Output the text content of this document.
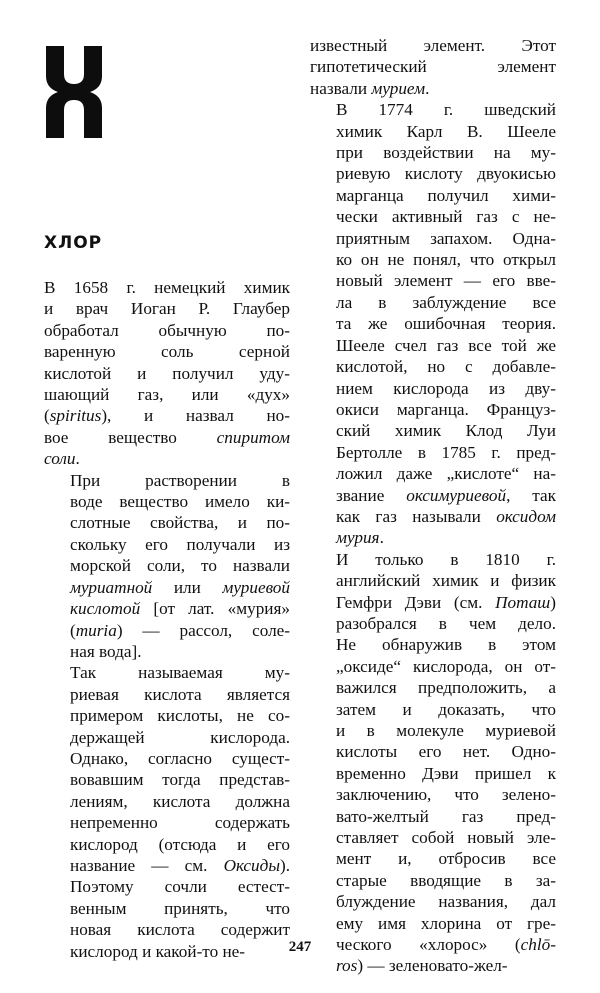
ХЛОР

В 1658 г. немецкий химик
и врач Иоган Р. Глаубер
обработал обычную по-
варенную соль серной
кислотой и получил уду-
шающий газ, или «дух»
(spiritus), и назвал но-
вое вещество спиритом
соли.

При растворении в
воде вещество имело ки-
слотные свойства, и по-
скольку его получали из
морской соли, то назвали
муриатной или муриевой
кислотой [от лат. «мурия»
(muria) — рассол, соле-
ная вода].

Так называемая му-
риевая кислота является
примером кислоты, не со-
держащей кислорода.
Однако, согласно сущест-
вовавшим тогда представ-
лениям, кислота должна
непременно содержать
кислород (отсюда и его
название — см. Оксиды).
Поэтому сочли естест-
венным принять, что
новая кислота содержит
кислород и какой-то не-

известный элемент. Этот
гипотетический элемент
назвали мурием.

В 1774 г. шведский
химик Карл В. Шееле
при воздействии на му-
риевую кислоту двуокисью
марганца получил хими-
чески активный газ с не-
приятным запахом. Одна-
ко он не понял, что открыл
новый элемент — его вве-
ла в заблуждение все
та же ошибочная теория.
Шееле счел газ все той же
кислотой, но с добавле-
нием кислорода из дву-
окиси марганца. Француз-
ский химик Клод Луи
Бертолле в 1785 г. пред-
ложил даже „кислоте“ на-
звание оксимуриевой, так
как газ называли оксидом
мурия.

И только в 1810 г.
английский химик и физик
Гемфри Дэви (см. Поташ)
разобрался в чем дело.
Не обнаружив в этом
„оксиде“ кислорода, он от-
важился предположить, а
затем и доказать, что
и в молекуле муриевой
кислоты его нет. Одно-
временно Дэви пришел к
заключению, что зелено-
вато-желтый газ пред-
ставляет собой новый эле-
мент и, отбросив все
старые вводящие в за-
блуждение названия, дал
ему имя хлорина от гре-
ческого «хлорос» (chlō-
ros) — зеленовато-жел-

247
